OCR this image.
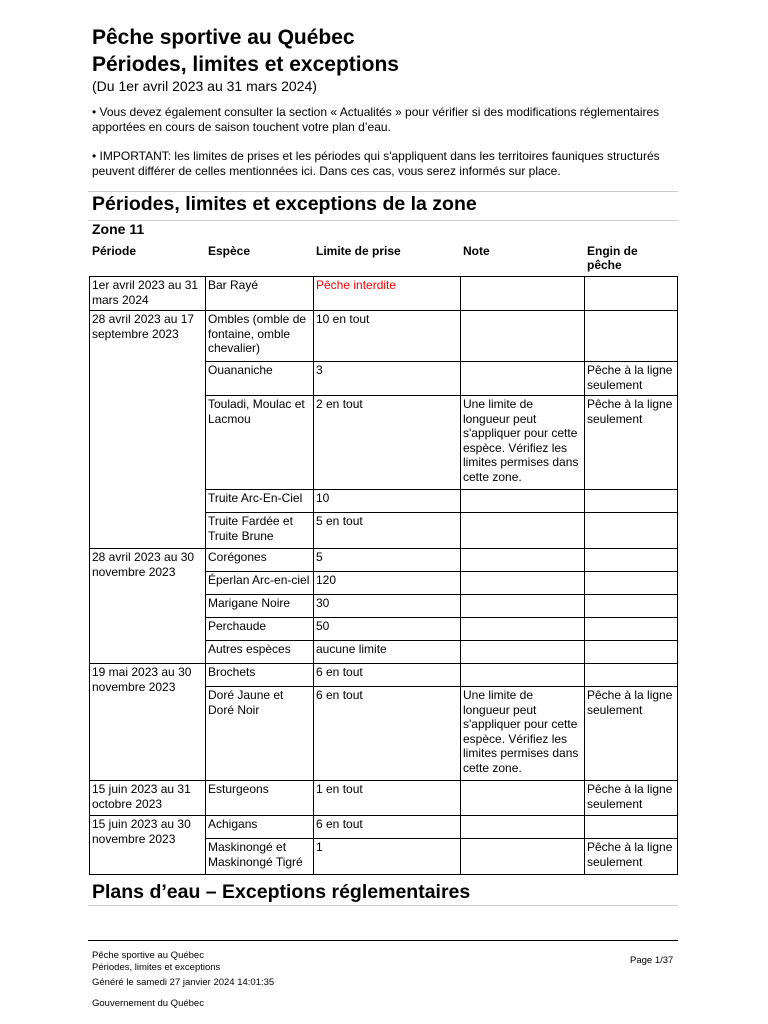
Pêche sportive au Québec
Périodes, limites et exceptions
(Du 1er avril 2023 au 31 mars 2024)
• Vous devez également consulter la section « Actualités » pour vérifier si des modifications réglementaires apportées en cours de saison touchent votre plan d’eau.
• IMPORTANT: les limites de prises et les périodes qui s'appliquent dans les territoires fauniques structurés peuvent différer de celles mentionnées ici. Dans ces cas, vous serez informés sur place.
Périodes, limites et exceptions de la zone
Zone 11
Période	Espèce	Limite de prise	Note	Engin de pêche
1er avril 2023 au 31 mars 2024	Bar Rayé	Pêche interdite		
28 avril 2023 au 17 septembre 2023	Ombles (omble de fontaine, omble chevalier)	10 en tout		
	Ouananiche	3		Pêche à la ligne seulement
	Touladi, Moulac et Lacmou	2 en tout	Une limite de longueur peut s'appliquer pour cette espèce. Vérifiez les limites permises dans cette zone.	Pêche à la ligne seulement
	Truite Arc-En-Ciel	10		
	Truite Fardée et Truite Brune	5 en tout		
28 avril 2023 au 30 novembre 2023	Corégones	5		
	Éperlan Arc-en-ciel	120		
	Marigane Noire	30		
	Perchaude	50		
	Autres espèces	aucune limite		
19 mai 2023 au 30 novembre 2023	Brochets	6 en tout		
	Doré Jaune et Doré Noir	6 en tout	Une limite de longueur peut s'appliquer pour cette espèce. Vérifiez les limites permises dans cette zone.	Pêche à la ligne seulement
15 juin 2023 au 31 octobre 2023	Esturgeons	1 en tout		Pêche à la ligne seulement
15 juin 2023 au 30 novembre 2023	Achigans	6 en tout		
	Maskinongé et Maskinongé Tigré	1		Pêche à la ligne seulement
Plans d’eau – Exceptions réglementaires
Pêche sportive au Québec
Périodes, limites et exceptions
Généré le samedi 27 janvier 2024 14:01:35
Gouvernement du Québec
Page 1/37
